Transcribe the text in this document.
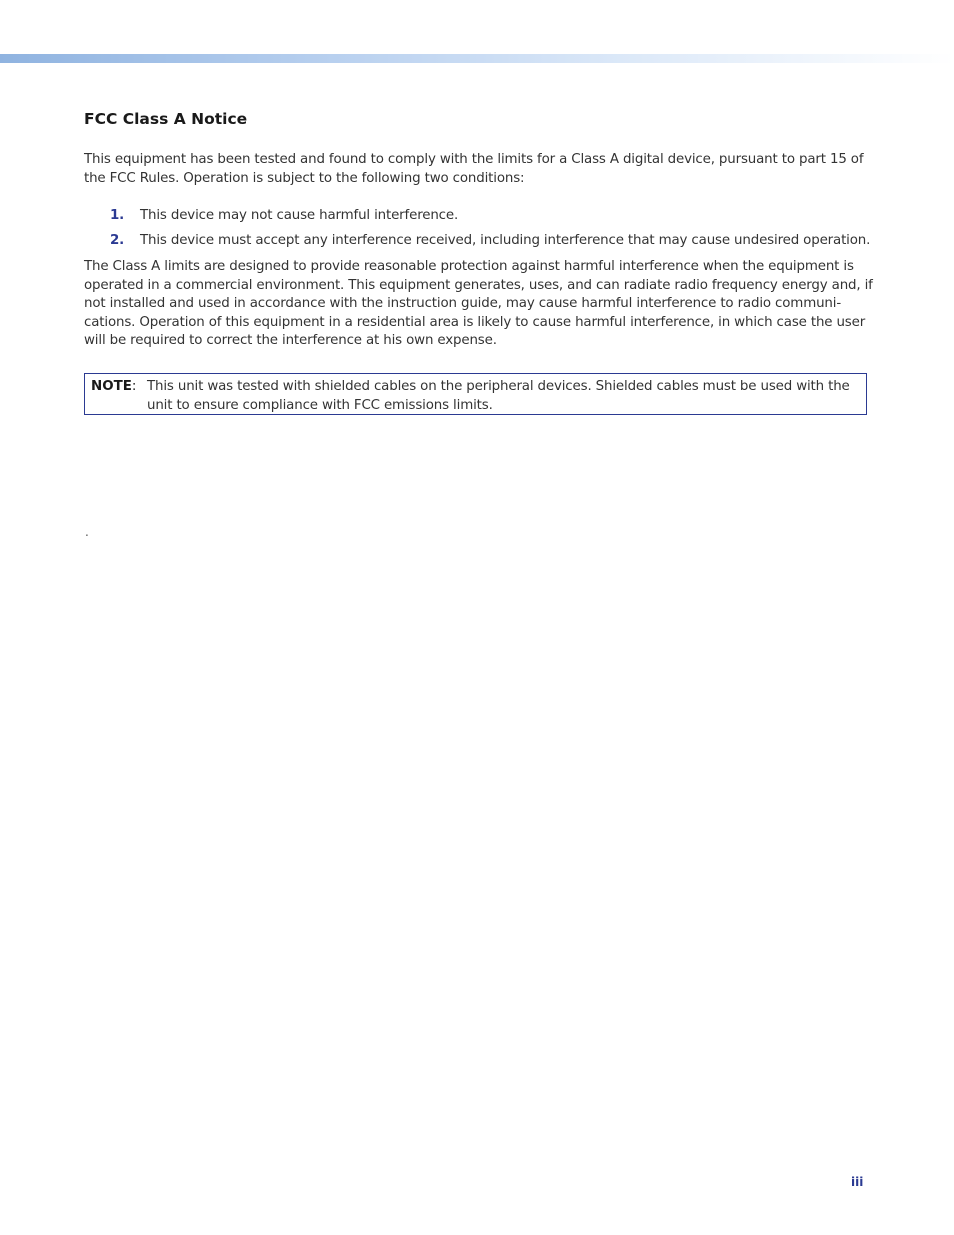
FCC Class A Notice

This equipment has been tested and found to comply with the limits for a Class A digital device, pursuant to part 15 of the FCC Rules. Operation is subject to the following two conditions:

1. This device may not cause harmful interference.
2. This device must accept any interference received, including interference that may cause undesired operation.

The Class A limits are designed to provide reasonable protection against harmful interference when the equipment is operated in a commercial environment. This equipment generates, uses, and can radiate radio frequency energy and, if not installed and used in accordance with the instruction guide, may cause harmful interference to radio communi-cations. Operation of this equipment in a residential area is likely to cause harmful interference, in which case the user will be required to correct the interference at his own expense.

NOTE: This unit was tested with shielded cables on the peripheral devices. Shielded cables must be used with the unit to ensure compliance with FCC emissions limits.
.
iii
